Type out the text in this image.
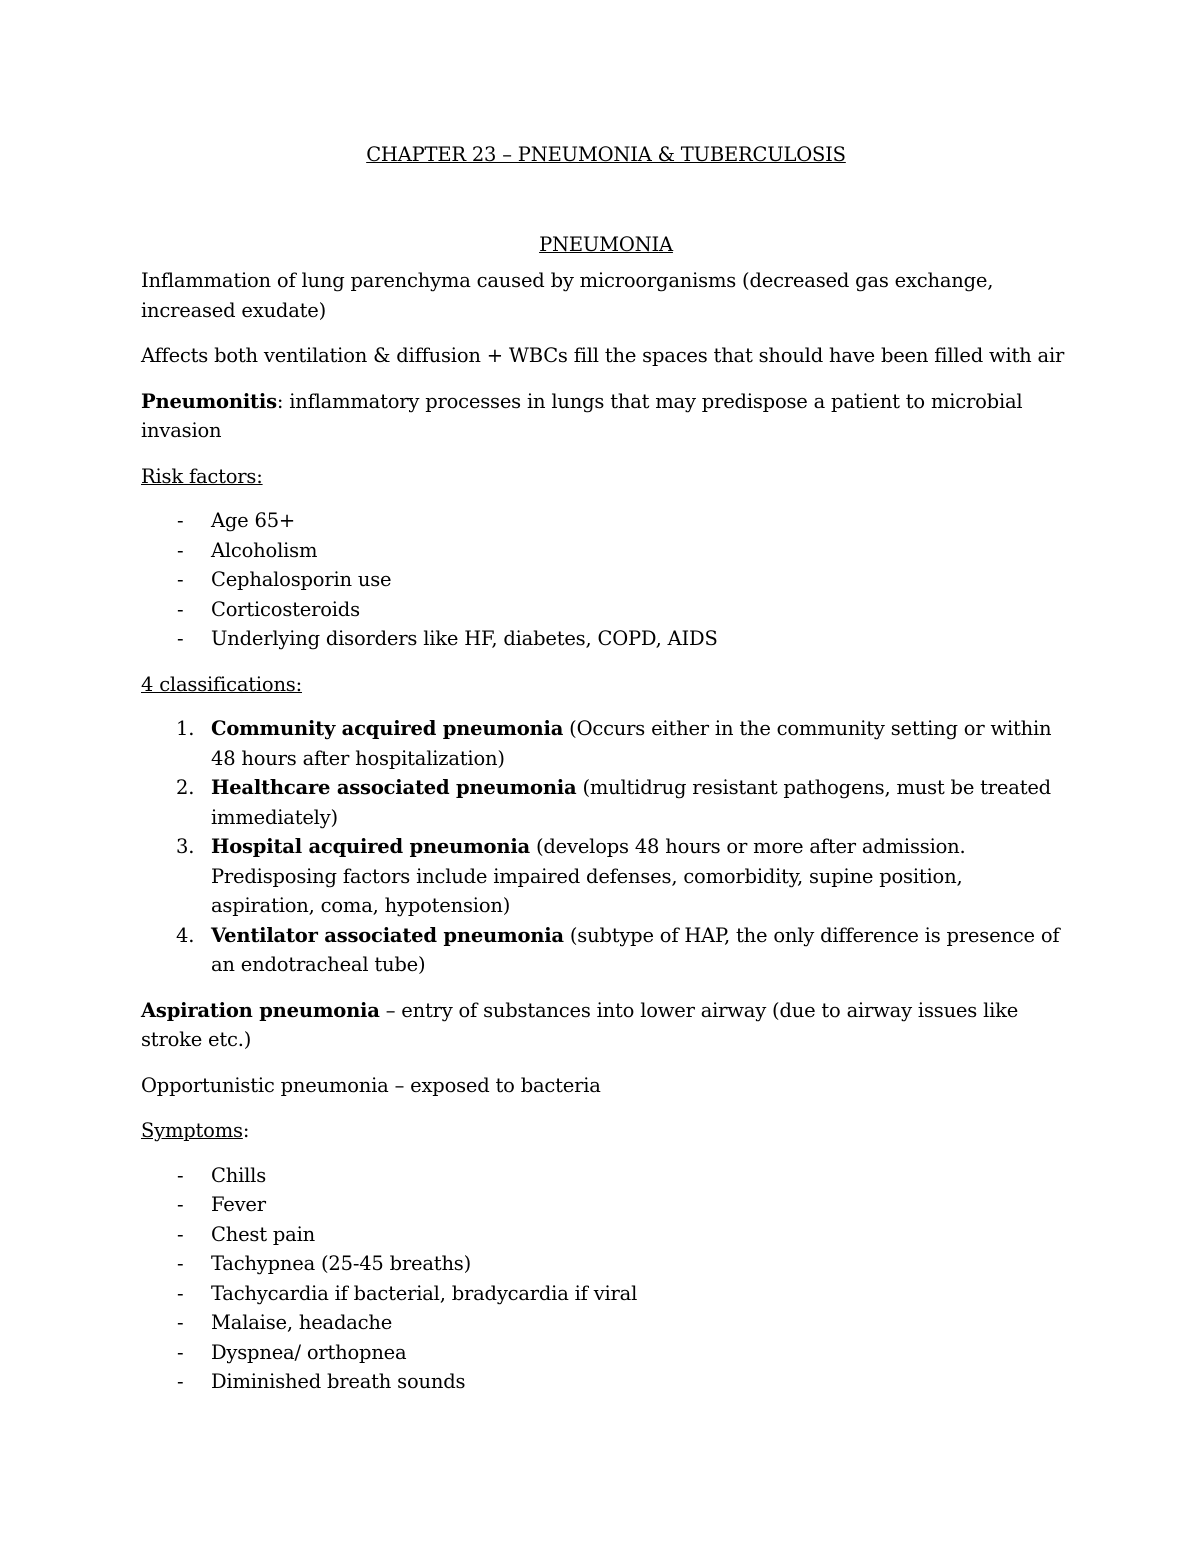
CHAPTER 23 – PNEUMONIA & TUBERCULOSIS
PNEUMONIA

Inflammation of lung parenchyma caused by microorganisms (decreased gas exchange, increased exudate)

Affects both ventilation & diffusion + WBCs fill the spaces that should have been filled with air

Pneumonitis: inflammatory processes in lungs that may predispose a patient to microbial invasion

Risk factors:

- Age 65+
- Alcoholism
- Cephalosporin use
- Corticosteroids
- Underlying disorders like HF, diabetes, COPD, AIDS

4 classifications:

1. Community acquired pneumonia (Occurs either in the community setting or within 48 hours after hospitalization)
2. Healthcare associated pneumonia (multidrug resistant pathogens, must be treated immediately)
3. Hospital acquired pneumonia (develops 48 hours or more after admission. Predisposing factors include impaired defenses, comorbidity, supine position, aspiration, coma, hypotension)
4. Ventilator associated pneumonia (subtype of HAP, the only difference is presence of an endotracheal tube)

Aspiration pneumonia – entry of substances into lower airway (due to airway issues like stroke etc.)

Opportunistic pneumonia – exposed to bacteria

Symptoms:

- Chills
- Fever
- Chest pain
- Tachypnea (25-45 breaths)
- Tachycardia if bacterial, bradycardia if viral
- Malaise, headache
- Dyspnea/ orthopnea
- Diminished breath sounds
